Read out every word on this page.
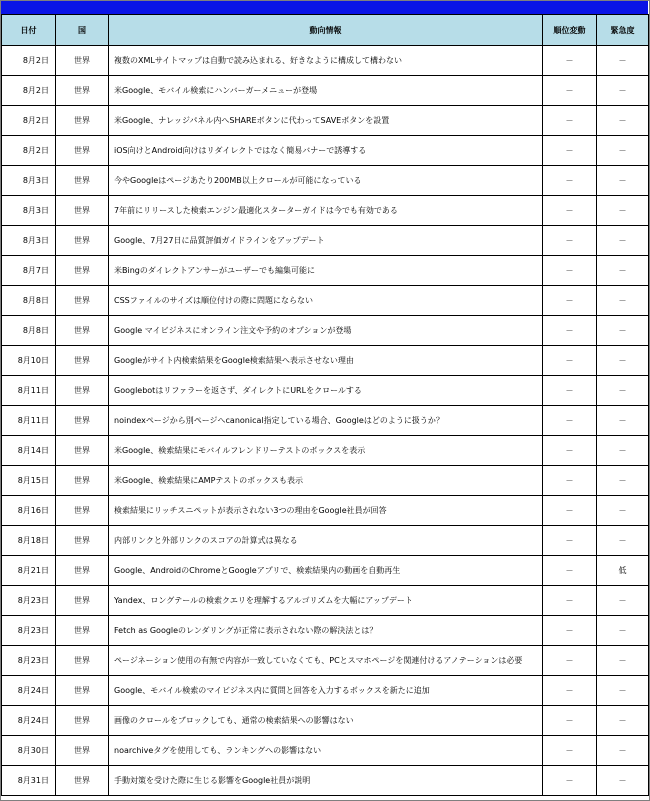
日付	国	動向情報	順位変動	緊急度
8月2日	世界	複数のXMLサイトマップは自動で読み込まれる、好きなように構成して構わない	－	－
8月2日	世界	米Google、モバイル検索にハンバーガーメニューが登場	－	－
8月2日	世界	米Google、ナレッジパネル内へSHAREボタンに代わってSAVEボタンを設置	－	－
8月2日	世界	iOS向けとAndroid向けはリダイレクトではなく簡易バナーで誘導する	－	－
8月3日	世界	今やGoogleはページあたり200MB以上クロールが可能になっている	－	－
8月3日	世界	7年前にリリースした検索エンジン最適化スターターガイドは今でも有効である	－	－
8月3日	世界	Google、7月27日に品質評価ガイドラインをアップデート	－	－
8月7日	世界	米Bingのダイレクトアンサーがユーザーでも編集可能に	－	－
8月8日	世界	CSSファイルのサイズは順位付けの際に問題にならない	－	－
8月8日	世界	Google マイビジネスにオンライン注文や予約のオプションが登場	－	－
8月10日	世界	Googleがサイト内検索結果をGoogle検索結果へ表示させない理由	－	－
8月11日	世界	Googlebotはリファラーを返さず、ダイレクトにURLをクロールする	－	－
8月11日	世界	noindexページから別ページへcanonical指定している場合、Googleはどのように扱うか？	－	－
8月14日	世界	米Google、検索結果にモバイルフレンドリーテストのボックスを表示	－	－
8月15日	世界	米Google、検索結果にAMPテストのボックスも表示	－	－
8月16日	世界	検索結果にリッチスニペットが表示されない3つの理由をGoogle社員が回答	－	－
8月18日	世界	内部リンクと外部リンクのスコアの計算式は異なる	－	－
8月21日	世界	Google、AndroidのChromeとGoogleアプリで、検索結果内の動画を自動再生	－	低
8月23日	世界	Yandex、ロングテールの検索クエリを理解するアルゴリズムを大幅にアップデート	－	－
8月23日	世界	Fetch as Googleのレンダリングが正常に表示されない際の解決法とは？	－	－
8月23日	世界	ページネーション使用の有無で内容が一致していなくても、PCとスマホページを関連付けるアノテーションは必要	－	－
8月24日	世界	Google、モバイル検索のマイビジネス内に質問と回答を入力するボックスを新たに追加	－	－
8月24日	世界	画像のクロールをブロックしても、通常の検索結果への影響はない	－	－
8月30日	世界	noarchiveタグを使用しても、ランキングへの影響はない	－	－
8月31日	世界	手動対策を受けた際に生じる影響をGoogle社員が説明	－	－
